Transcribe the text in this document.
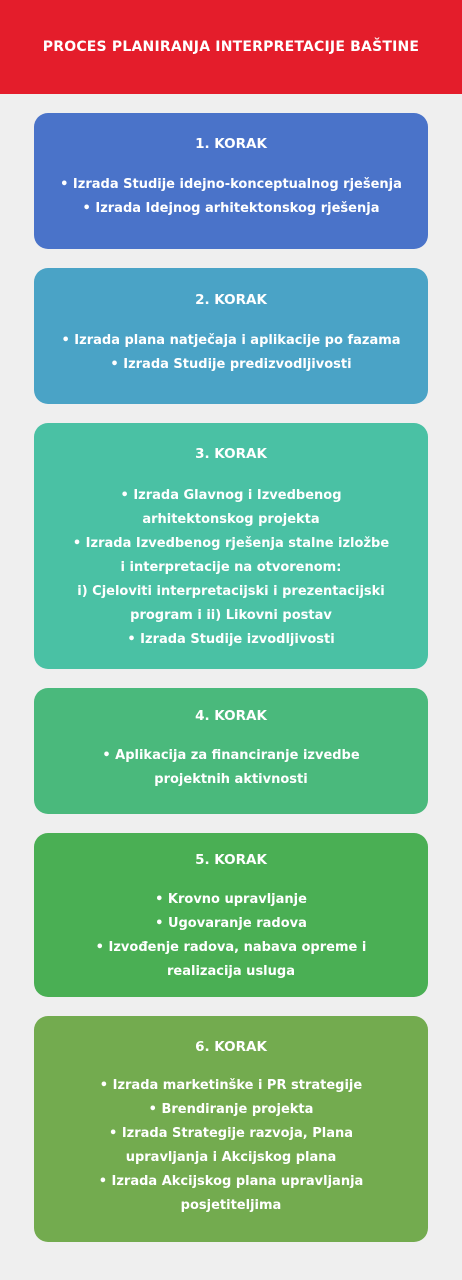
PROCES PLANIRANJA INTERPRETACIJE BAŠTINE
1. KORAK
• Izrada Studije idejno-konceptualnog rješenja
• Izrada Idejnog arhitektonskog rješenja
2. KORAK
• Izrada plana natječaja i aplikacije po fazama
• Izrada Studije predizvodljivosti
3. KORAK
• Izrada Glavnog i Izvedbenog
arhitektonskog projekta
• Izrada Izvedbenog rješenja stalne izložbe
i interpretacije na otvorenom:
i) Cjeloviti interpretacijski i prezentacijski
program i ii) Likovni postav
• Izrada Studije izvodljivosti
4. KORAK
• Aplikacija za financiranje izvedbe
projektnih aktivnosti
5. KORAK
• Krovno upravljanje
• Ugovaranje radova
• Izvođenje radova, nabava opreme i
realizacija usluga
6. KORAK
• Izrada marketinške i PR strategije
• Brendiranje projekta
• Izrada Strategije razvoja, Plana
upravljanja i Akcijskog plana
• Izrada Akcijskog plana upravljanja
posjetiteljima
